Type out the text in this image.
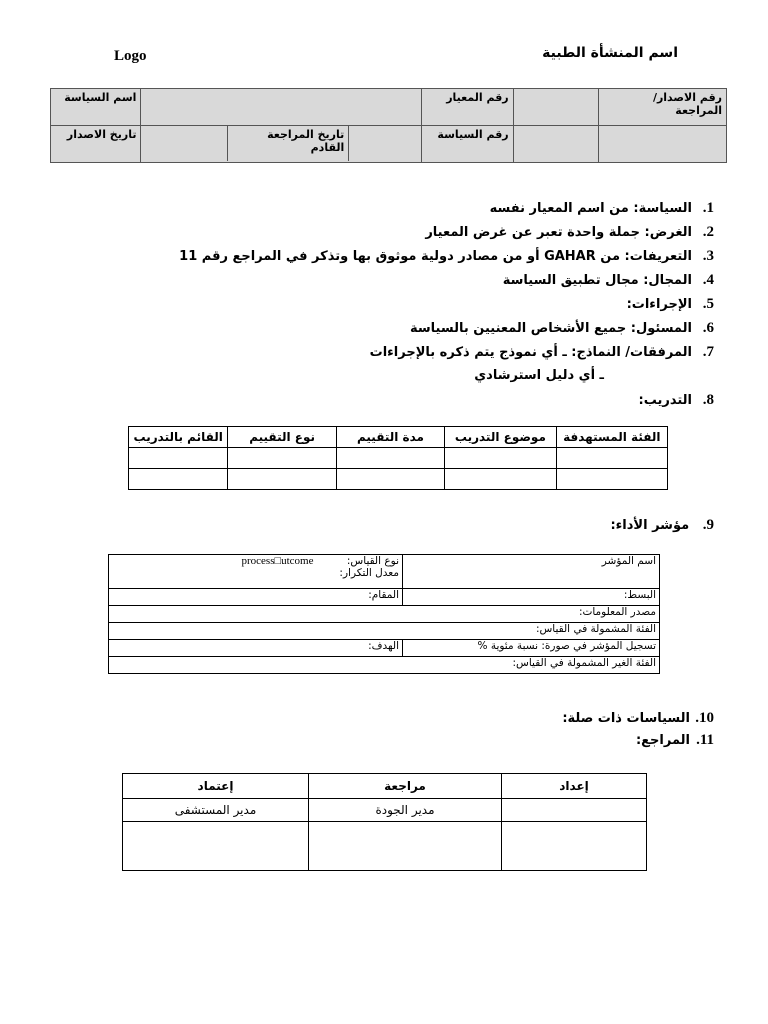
Logo	اسم المنشأة الطبية
اسم السياسة		رقم المعيار		رقم الاصدار/ المراجعة
تاريخ الاصدار	تاريخ المراجعة القادم	رقم السياسة		
1.السياسة: من اسم المعيار نفسه
2.الغرض: جملة واحدة تعبر عن غرض المعيار
3.التعريفات: من GAHAR أو من مصادر دولية موثوق بها وتذكر في المراجع رقم 11
4.المجال: مجال تطبيق السياسة
5.الإجراءات:
6.المسئول: جميع الأشخاص المعنيين بالسياسة
7.المرفقات/ النماذج: ـ أي نموذج يتم ذكره بالإجراءات
ـ أي دليل استرشادي
8.التدريب:
الفئة المستهدفة	موضوع التدريب	مدة التقييم	نوع التقييم	القائم بالتدريب

9.   مؤشر الأداء:
اسم المؤشر	نوع القياس:          process□utcome
معدل التكرار:

البسط:	المقام:
مصدر المعلومات:	
الفئة المشمولة في القياس:	
تسجيل المؤشر في صورة: نسبة مئوية %	الهدف:
الفئة الغير المشمولة في القياس:	
10.السياسات ذات صلة:
11.المراجع:
إعداد	مراجعة	إعتماد
	مدير الجودة	مدير المستشفى
